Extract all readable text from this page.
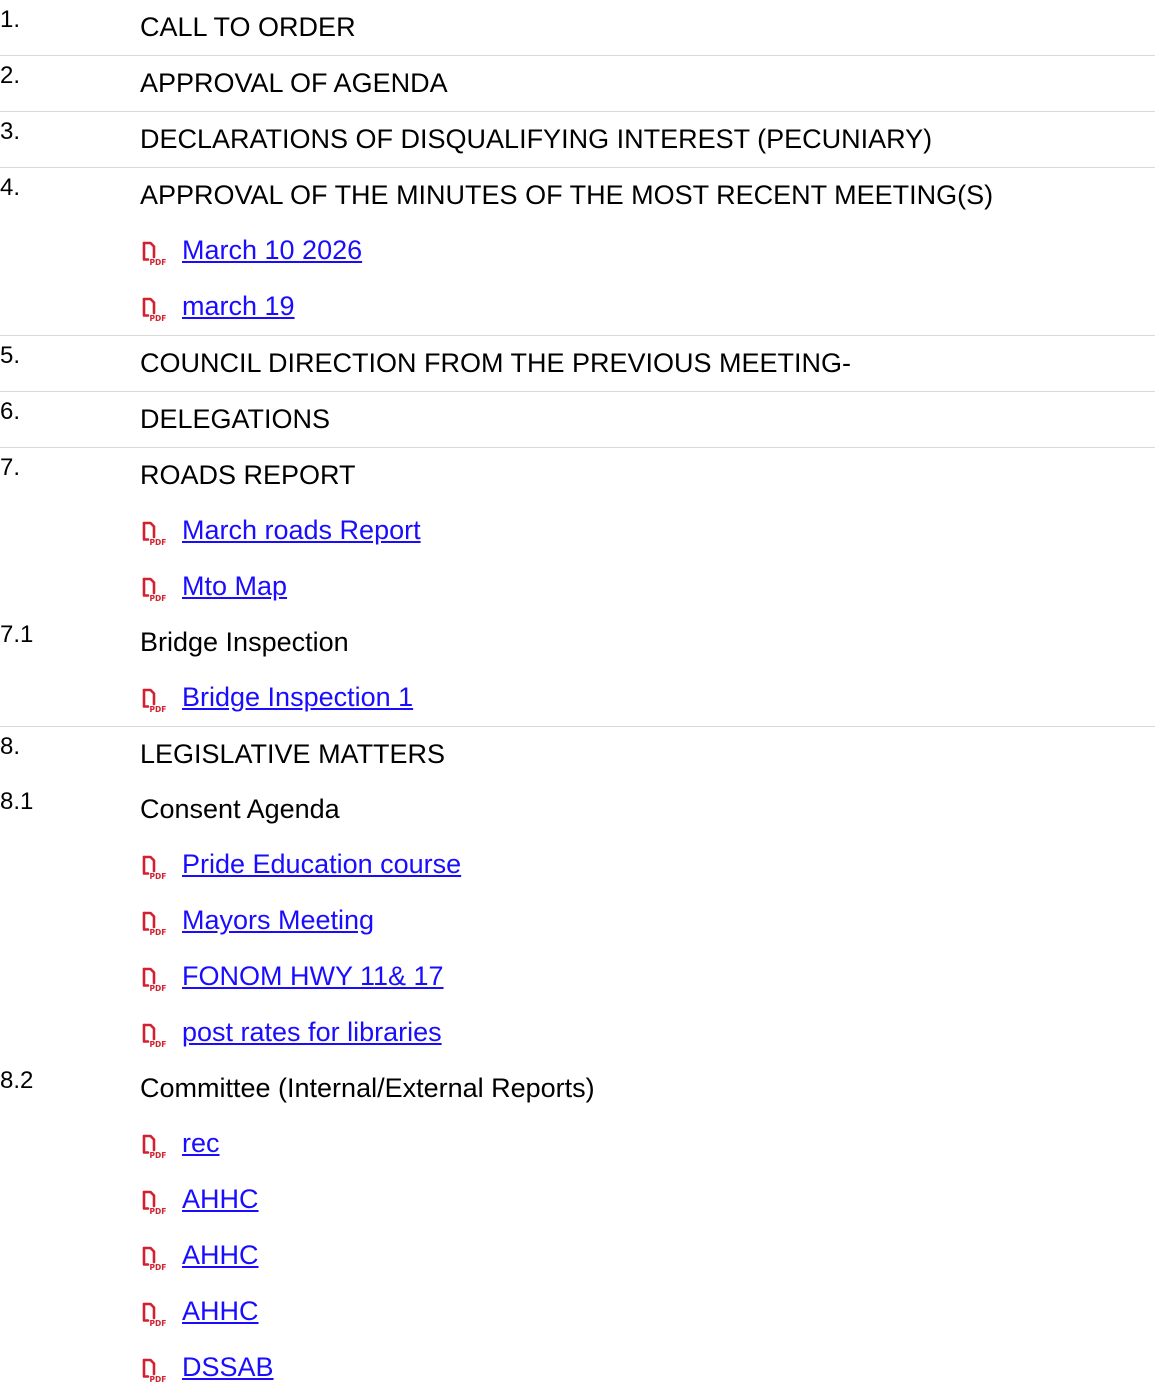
1.	CALL TO ORDER
2.	APPROVAL OF AGENDA
3.	DECLARATIONS OF DISQUALIFYING INTEREST (PECUNIARY)
4.	APPROVAL OF THE MINUTES OF THE MOST RECENT MEETING(S)
PDF March 10 2026
PDF march 19
5.	COUNCIL DIRECTION FROM THE PREVIOUS MEETING-
6.	DELEGATIONS
7.	ROADS REPORT
PDF March roads Report
PDF Mto Map
7.1	Bridge Inspection
PDF Bridge Inspection 1
8.	LEGISLATIVE MATTERS
8.1	Consent Agenda
PDF Pride Education course
PDF Mayors Meeting
PDF FONOM HWY 11& 17
PDF post rates for libraries
8.2	Committee (Internal/External Reports)
PDF rec
PDF AHHC
PDF AHHC
PDF AHHC
PDF DSSAB
